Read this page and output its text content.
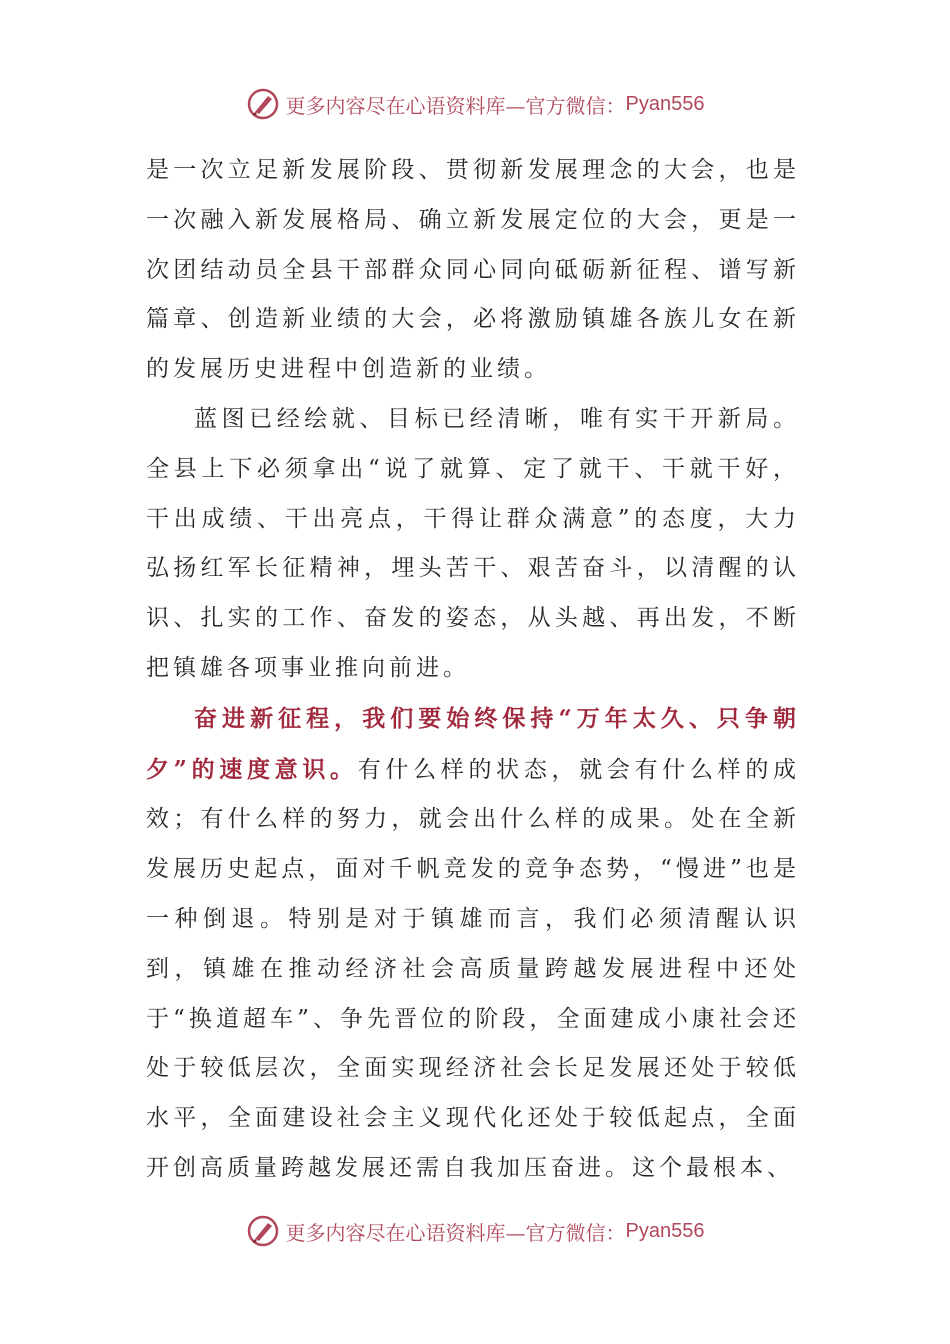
更多内容尽在心语资料库—官方微信： Pyan556

是一次立足新发展阶段、贯彻新发展理念的大会，也是一次融入新发展格局、确立新发展定位的大会，更是一次团结动员全县干部群众同心同向砥砺新征程、谱写新篇章、创造新业绩的大会，必将激励镇雄各族儿女在新的发展历史进程中创造新的业绩。

蓝图已经绘就、目标已经清晰，唯有实干开新局。全县上下必须拿出“说了就算、定了就干、干就干好，干出成绩、干出亮点，干得让群众满意”的态度，大力弘扬红军长征精神，埋头苦干、艰苦奋斗，以清醒的认识、扎实的工作、奋发的姿态，从头越、再出发，不断把镇雄各项事业推向前进。

奋进新征程，我们要始终保持“万年太久、只争朝夕”的速度意识。有什么样的状态，就会有什么样的成效；有什么样的努力，就会出什么样的成果。处在全新发展历史起点，面对千帆竞发的竞争态势，“慢进”也是一种倒退。特别是对于镇雄而言，我们必须清醒认识到，镇雄在推动经济社会高质量跨越发展进程中还处于“换道超车”、争先晋位的阶段，全面建成小康社会还处于较低层次，全面实现经济社会长足发展还处于较低水平，全面建设社会主义现代化还处于较低起点，全面开创高质量跨越发展还需自我加压奋进。这个最根本、

更多内容尽在心语资料库—官方微信： Pyan556
